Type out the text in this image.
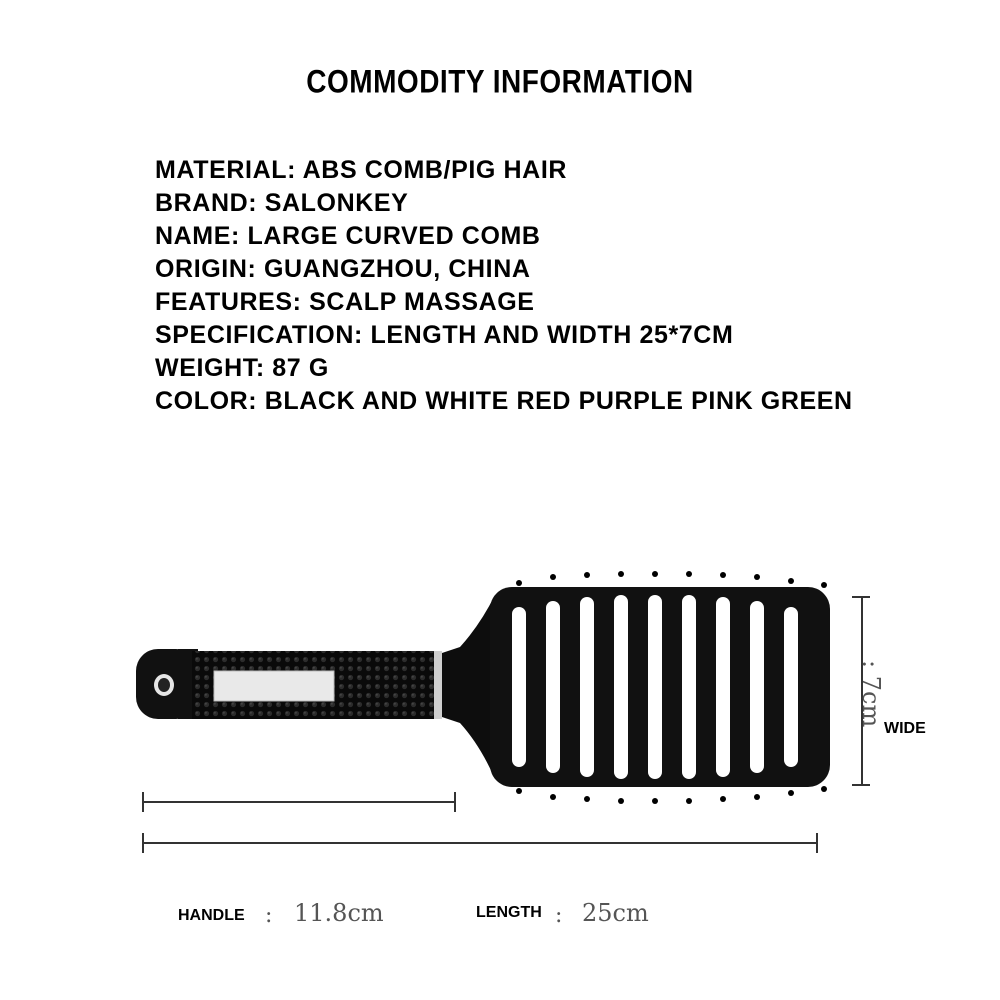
COMMODITY INFORMATION
MATERIAL: ABS COMB/PIG HAIR
BRAND: SALONKEY
NAME: LARGE CURVED COMB
ORIGIN: GUANGZHOU, CHINA
FEATURES: SCALP MASSAGE
SPECIFICATION: LENGTH AND WIDTH 25*7CM
WEIGHT: 87 G
COLOR: BLACK AND WHITE RED PURPLE PINK GREEN
: 7cm
WIDE
HANDLE : 11.8cm	LENGTH : 25cm
